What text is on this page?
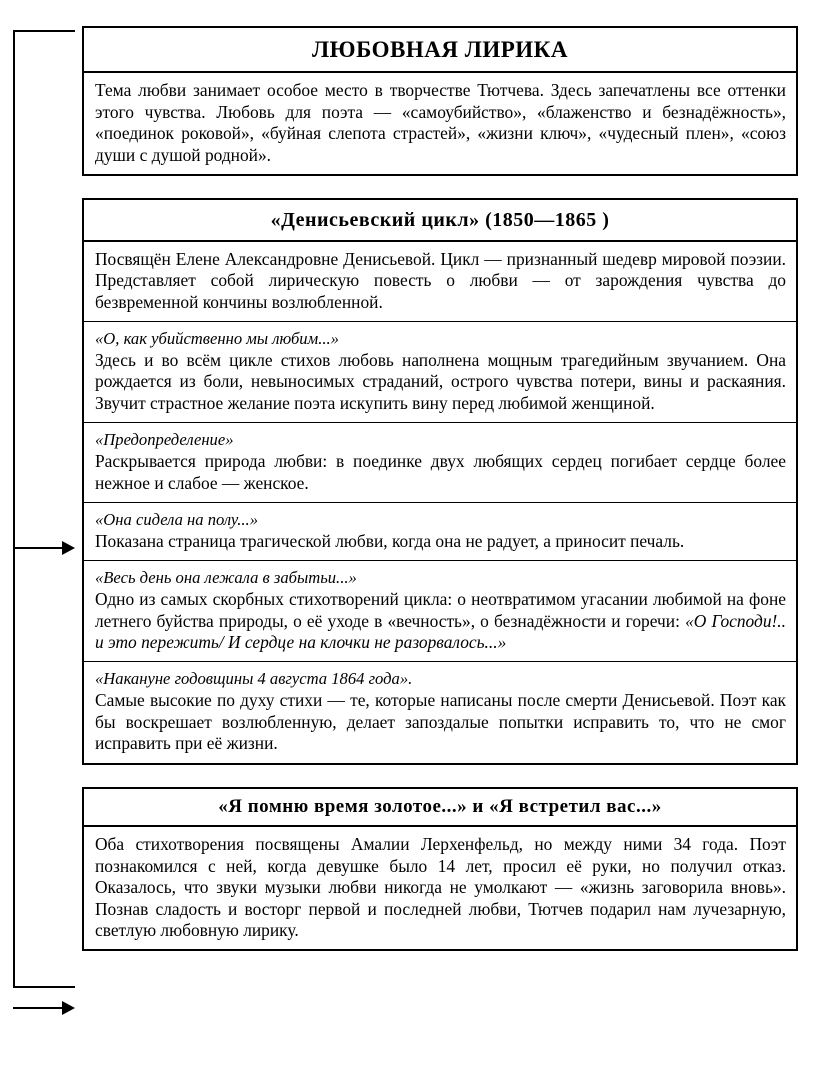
ЛЮБОВНАЯ ЛИРИКА
Тема любви занимает особое место в творчестве Тютчева. Здесь запечатлены все оттенки этого чувства. Любовь для поэта — «самоубийство», «блаженство и безнадёжность», «поединок роковой», «буйная слепота страстей», «жизни ключ», «чудесный плен», «союз души с душой родной».
«Денисьевский цикл» (1850—1865 )
Посвящён Елене Александровне Денисьевой. Цикл — признанный шедевр мировой поэзии. Представляет собой лирическую повесть о любви — от зарождения чувства до безвременной кончины возлюбленной.
«О, как убийственно мы любим...»
Здесь и во всём цикле стихов любовь наполнена мощным трагедийным звучанием. Она рождается из боли, невыносимых страданий, острого чувства потери, вины и раскаяния. Звучит страстное желание поэта искупить вину перед любимой женщиной.
«Предопределение»
Раскрывается природа любви: в поединке двух любящих сердец погибает сердце более нежное и слабое — женское.
«Она сидела на полу...»
Показана страница трагической любви, когда она не радует, а приносит печаль.
«Весь день она лежала в забытьи...»
Одно из самых скорбных стихотворений цикла: о неотвратимом угасании любимой на фоне летнего буйства природы, о её уходе в «вечность», о безнадёжности и горечи: «О Господи!.. и это пережить/ И сердце на клочки не разорвалось...»
«Накануне годовщины 4 августа 1864 года».
Самые высокие по духу стихи — те, которые написаны после смерти Денисьевой. Поэт как бы воскрешает возлюбленную, делает запоздалые попытки исправить то, что не смог исправить при её жизни.
«Я помню время золотое...» и «Я встретил вас...»
Оба стихотворения посвящены Амалии Лерхенфельд, но между ними 34 года. Поэт познакомился с ней, когда девушке было 14 лет, просил её руки, но получил отказ. Оказалось, что звуки музыки любви никогда не умолкают — «жизнь заговорила вновь». Познав сладость и восторг первой и последней любви, Тютчев подарил нам лучезарную, светлую любовную лирику.
